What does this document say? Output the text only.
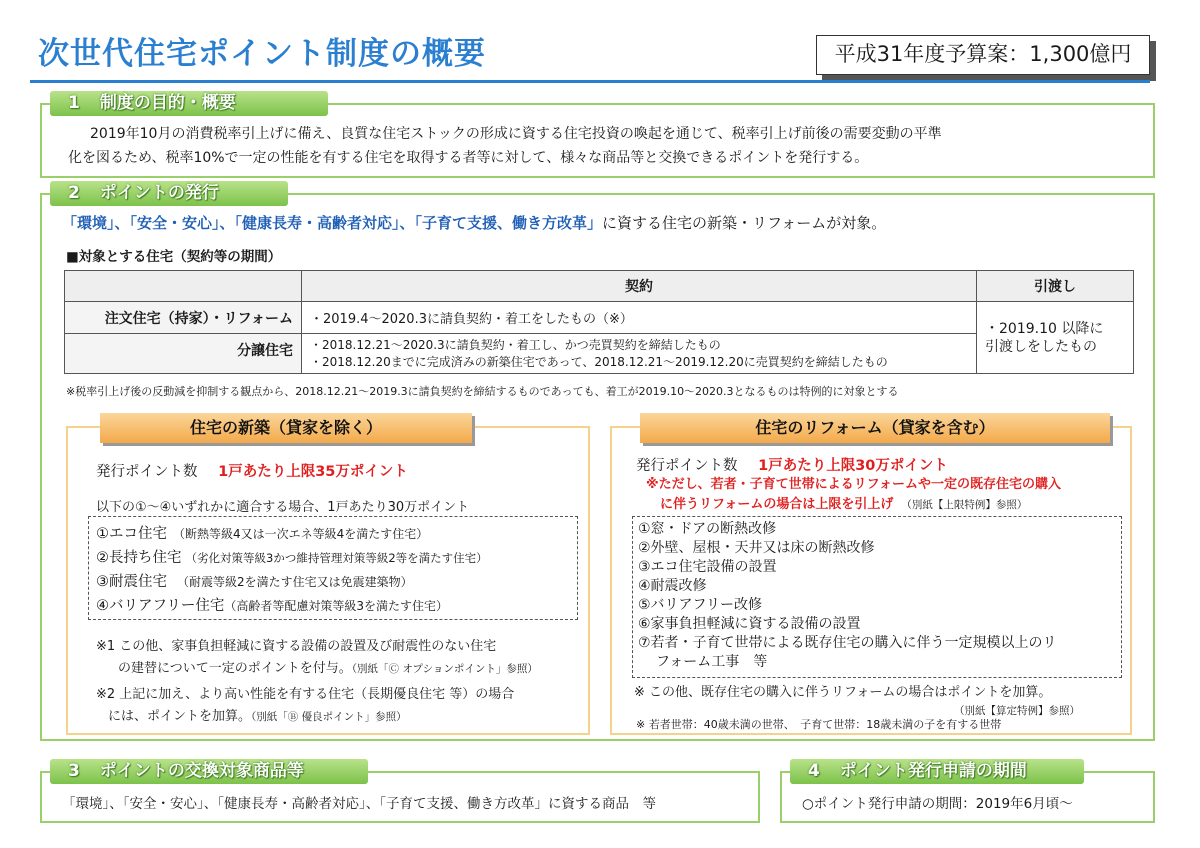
次世代住宅ポイント制度の概要	平成31年度予算案：1,300億円
1 制度の目的・概要
2019年10月の消費税率引上げに備え、良質な住宅ストックの形成に資する住宅投資の喚起を通じて、税率引上げ前後の需要変動の平準
化を図るため、税率10%で一定の性能を有する住宅を取得する者等に対して、様々な商品等と交換できるポイントを発行する。
2 ポイントの発行
「環境」、「安全・安心」、「健康長寿・高齢者対応」、「子育て支援、働き方改革」に資する住宅の新築・リフォームが対象。
■対象とする住宅（契約等の期間）
	契約	引渡し
注文住宅（持家）・リフォーム	・2019.4～2020.3に請負契約・着工をしたもの（※）	・2019.10 以降に
引渡しをしたもの

分譲住宅	・2018.12.21～2020.3に請負契約・着工し、かつ売買契約を締結したもの
・2018.12.20までに完成済みの新築住宅であって、2018.12.21～2019.12.20に売買契約を締結したもの	
※税率引上げ後の反動減を抑制する観点から、2018.12.21～2019.3に請負契約を締結するものであっても、着工が2019.10～2020.3となるものは特例的に対象とする
住宅の新築（貸家を除く）
発行ポイント数 1戸あたり上限35万ポイント
以下の①～④いずれかに適合する場合、1戸あたり30万ポイント
①エコ住宅 （断熱等級4又は一次エネ等級4を満たす住宅）
②長持ち住宅 （劣化対策等級3かつ維持管理対策等級2等を満たす住宅）
③耐震住宅 （耐震等級2を満たす住宅又は免震建築物）
④バリアフリー住宅（高齢者等配慮対策等級3を満たす住宅）
※1 この他、家事負担軽減に資する設備の設置及び耐震性のない住宅
の建替について一定のポイントを付与。（別紙「Ⓒ オプションポイント」参照）
※2 上記に加え、より高い性能を有する住宅（長期優良住宅 等）の場合
には、ポイントを加算。（別紙「Ⓑ 優良ポイント」参照）
住宅のリフォーム（貸家を含む）
発行ポイント数 1戸あたり上限30万ポイント
※ただし、若者・子育て世帯によるリフォームや一定の既存住宅の購入
に伴うリフォームの場合は上限を引上げ （別紙【上限特例】参照）
①窓・ドアの断熱改修
②外壁、屋根・天井又は床の断熱改修
③エコ住宅設備の設置
④耐震改修
⑤バリアフリー改修
⑥家事負担軽減に資する設備の設置
⑦若者・子育て世帯による既存住宅の購入に伴う一定規模以上のリ
フォーム工事　等
※ この他、既存住宅の購入に伴うリフォームの場合はポイントを加算。
（別紙【算定特例】参照）
※ 若者世帯：40歳未満の世帯、　子育て世帯：18歳未満の子を有する世帯
3 ポイントの交換対象商品等
「環境」、「安全・安心」、「健康長寿・高齢者対応」、「子育て支援、働き方改革」に資する商品　等
4 ポイント発行申請の期間
○ポイント発行申請の期間：2019年6月頃～
